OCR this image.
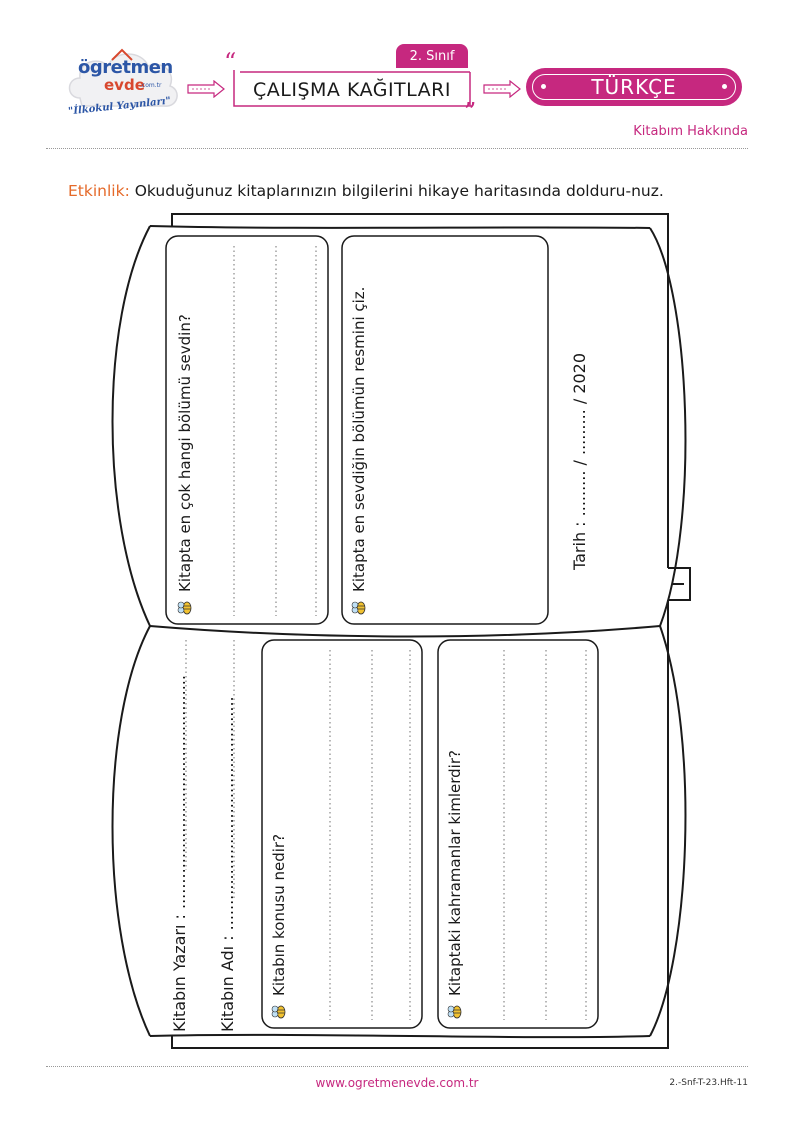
ögretmen
evde
.com.tr
"İlkokul Yayınları"
“
”
2. Sınıf
ÇALIŞMA KAĞITLARI	TÜRKÇE
Kitabım Hakkında
Etkinlik: Okuduğunuz kitaplarınızın bilgilerini hikaye haritasında dolduru-nuz.
Kitapta en çok hangi bölümü sevdin?	Kitapta en sevdiğin bölümün resmini çiz.	Tarih : ......... / ......... / 2020
Kitabın Yazarı : .............................................. Kitabın Adı : .............................................. Kitabın konusu nedir?	Kitaptaki kahramanlar kimlerdir?
www.ogretmenevde.com.tr	2.-Snf-T-23.Hft-11
